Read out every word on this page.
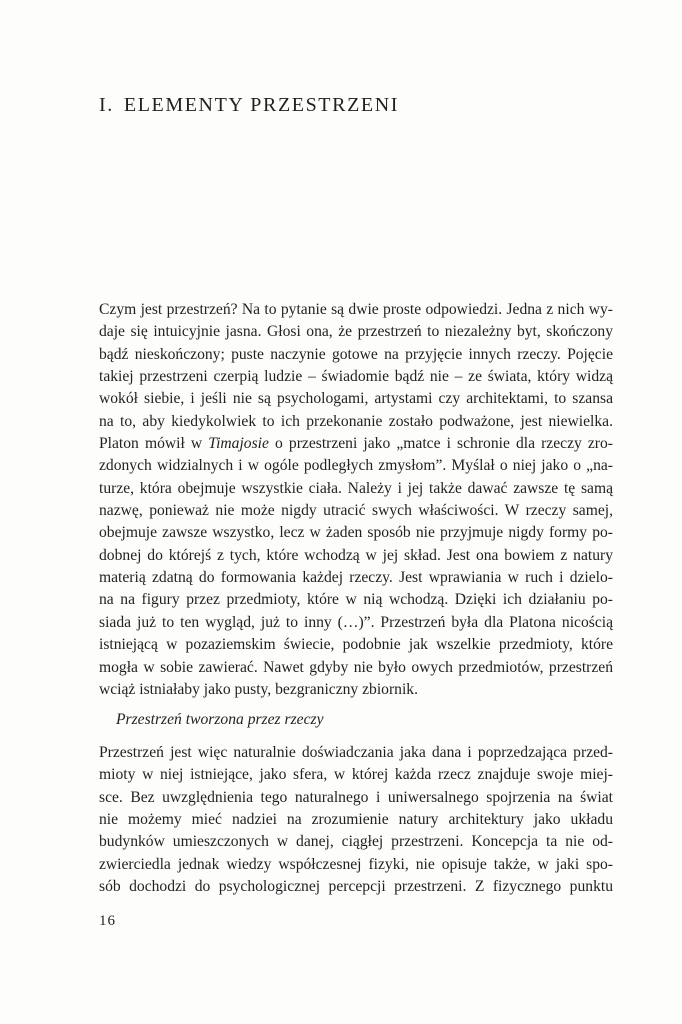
I. ELEMENTY PRZESTRZENI
Czym jest przestrzeń? Na to pytanie są dwie proste odpowiedzi. Jedna z nich wy-
daje się intuicyjnie jasna. Głosi ona, że przestrzeń to niezależny byt, skończony
bądź nieskończony; puste naczynie gotowe na przyjęcie innych rzeczy. Pojęcie
takiej przestrzeni czerpią ludzie – świadomie bądź nie – ze świata, który widzą
wokół siebie, i jeśli nie są psychologami, artystami czy architektami, to szansa
na to, aby kiedykolwiek to ich przekonanie zostało podważone, jest niewielka.
Platon mówił w Timajosie o przestrzeni jako „matce i schronie dla rzeczy zro-
zdonych widzialnych i w ogóle podległych zmysłom”. Myślał o niej jako o „na-
turze, która obejmuje wszystkie ciała. Należy i jej także dawać zawsze tę samą
nazwę, ponieważ nie może nigdy utracić swych właściwości. W rzeczy samej,
obejmuje zawsze wszystko, lecz w żaden sposób nie przyjmuje nigdy formy po-
dobnej do którejś z tych, które wchodzą w jej skład. Jest ona bowiem z natury
materią zdatną do formowania każdej rzeczy. Jest wprawiania w ruch i dzielo-
na na figury przez przedmioty, które w nią wchodzą. Dzięki ich działaniu po-
siada już to ten wygląd, już to inny (…)”. Przestrzeń była dla Platona nicością
istniejącą w pozaziemskim świecie, podobnie jak wszelkie przedmioty, które
mogła w sobie zawierać. Nawet gdyby nie było owych przedmiotów, przestrzeń
wciąż istniałaby jako pusty, bezgraniczny zbiornik.
Przestrzeń tworzona przez rzeczy
Przestrzeń jest więc naturalnie doświadczania jaka dana i poprzedzająca przed-
mioty w niej istniejące, jako sfera, w której każda rzecz znajduje swoje miej-
sce. Bez uwzględnienia tego naturalnego i uniwersalnego spojrzenia na świat
nie możemy mieć nadziei na zrozumienie natury architektury jako układu
budynków umieszczonych w danej, ciągłej przestrzeni. Koncepcja ta nie od-
zwierciedla jednak wiedzy współczesnej fizyki, nie opisuje także, w jaki spo-
sób dochodzi do psychologicznej percepcji przestrzeni. Z fizycznego punktu
16
